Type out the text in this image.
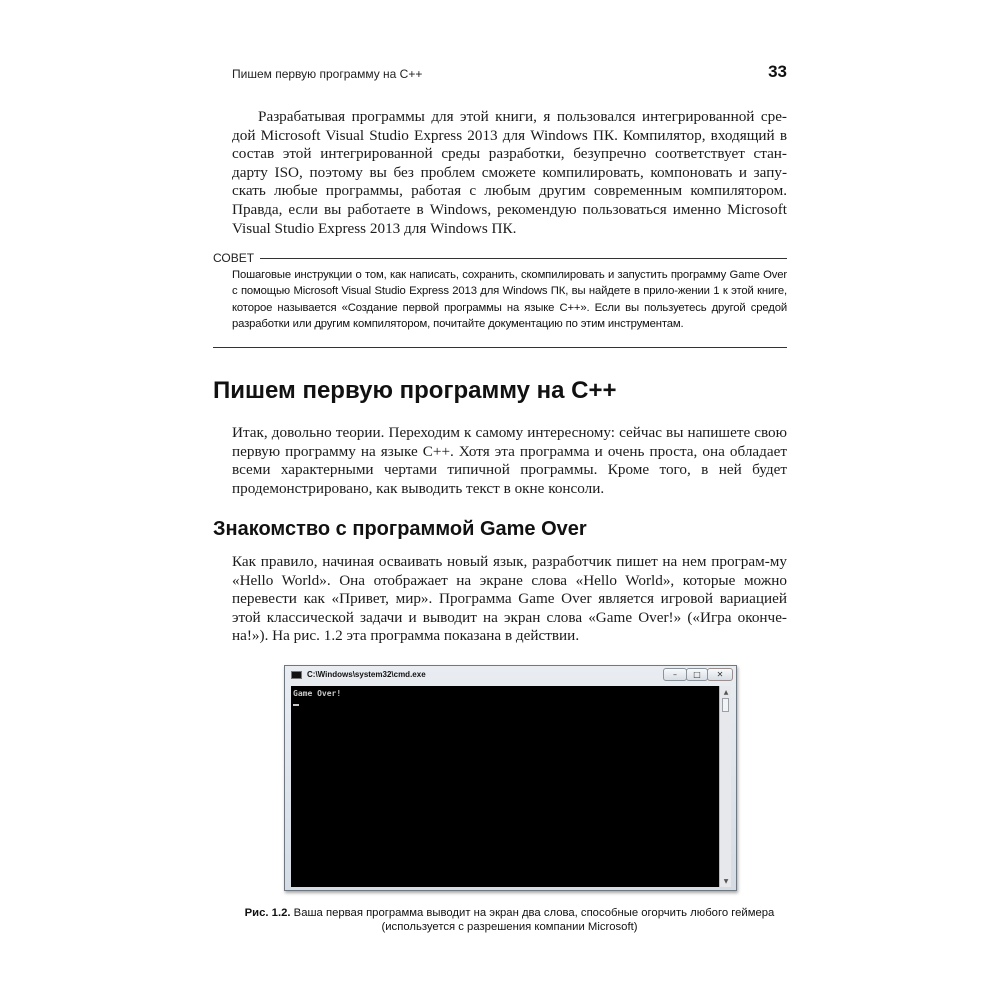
Пишем первую программу на С++	33

Разрабатывая программы для этой книги, я пользовался интегрированной сре-дой Microsoft Visual Studio Express 2013 для Windows ПК. Компилятор, входящий в состав этой интегрированной среды разработки, безупречно соответствует стан-дарту ISO, поэтому вы без проблем сможете компилировать, компоновать и запу-скать любые программы, работая с любым другим современным компилятором. Правда, если вы работаете в Windows, рекомендую пользоваться именно Microsoft Visual Studio Express 2013 для Windows ПК.

СОВЕТ

Пошаговые инструкции о том, как написать, сохранить, скомпилировать и запустить программу Game Over с помощью Microsoft Visual Studio Express 2013 для Windows ПК, вы найдете в прило-жении 1 к этой книге, которое называется «Создание первой программы на языке C++». Если вы пользуетесь другой средой разработки или другим компилятором, почитайте документацию по этим инструментам.

Пишем первую программу на C++

Итак, довольно теории. Переходим к самому интересному: сейчас вы напишете свою первую программу на языке C++. Хотя эта программа и очень проста, она обладает всеми характерными чертами типичной программы. Кроме того, в ней будет продемонстрировано, как выводить текст в окне консоли.

Знакомство с программой Game Over

Как правило, начиная осваивать новый язык, разработчик пишет на нем програм-му «Hello World». Она отображает на экране слова «Hello World», которые можно перевести как «Привет, мир». Программа Game Over является игровой вариацией этой классической задачи и выводит на экран слова «Game Over!» («Игра оконче-на!»). На рис. 1.2 эта программа показана в действии.

C:\Windows\system32\cmd.exe	–	□	✕
Game Over!	▲
▼

Рис. 1.2. Ваша первая программа выводит на экран два слова, способные огорчить любого геймера (используется с разрешения компании Microsoft)
